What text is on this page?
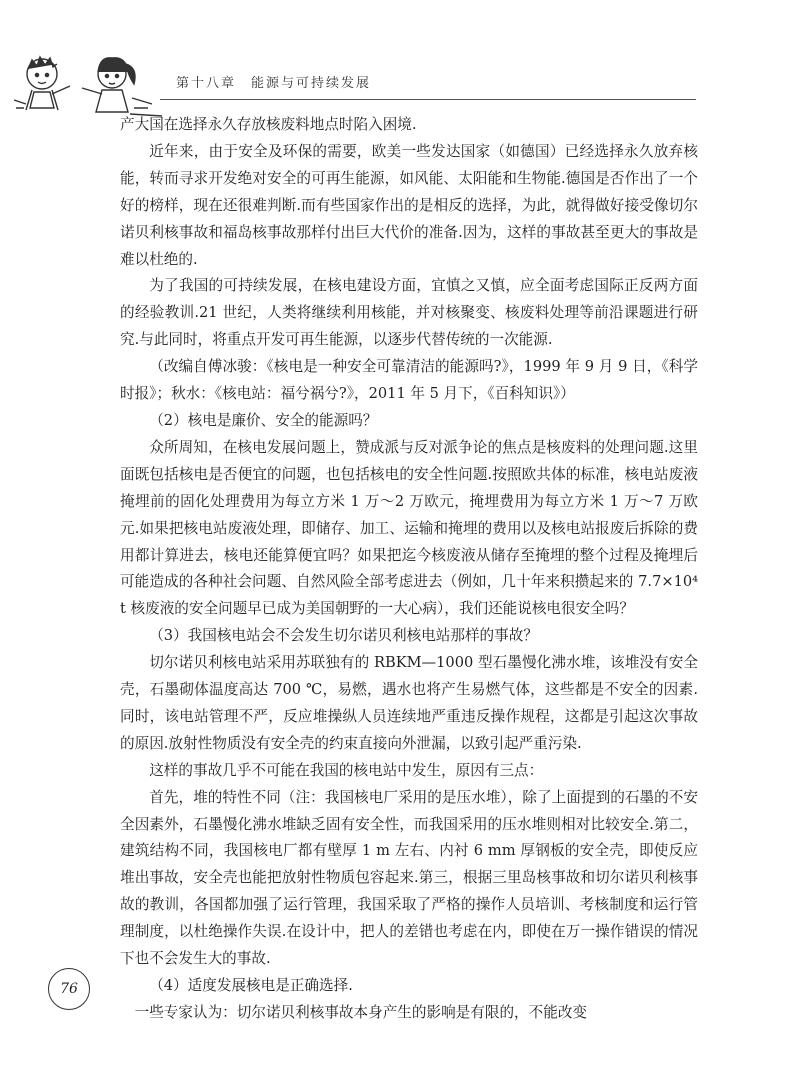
第十八章　能源与可持续发展

产大国在选择永久存放核废料地点时陷入困境.

近年来，由于安全及环保的需要，欧美一些发达国家（如德国）已经选择永久放弃核能，转而寻求开发绝对安全的可再生能源，如风能、太阳能和生物能.德国是否作出了一个好的榜样，现在还很难判断.而有些国家作出的是相反的选择，为此，就得做好接受像切尔诺贝利核事故和福岛核事故那样付出巨大代价的准备.因为，这样的事故甚至更大的事故是难以杜绝的.

为了我国的可持续发展，在核电建设方面，宜慎之又慎，应全面考虑国际正反两方面的经验教训.21 世纪，人类将继续利用核能，并对核聚变、核废料处理等前沿课题进行研究.与此同时，将重点开发可再生能源，以逐步代替传统的一次能源.

（改编自傅冰骏：《核电是一种安全可靠清洁的能源吗?》，1999 年 9 月 9 日，《科学时报》；秋水：《核电站：福兮祸兮?》，2011 年 5 月下，《百科知识》）

（2）核电是廉价、安全的能源吗？

众所周知，在核电发展问题上，赞成派与反对派争论的焦点是核废料的处理问题.这里面既包括核电是否便宜的问题，也包括核电的安全性问题.按照欧共体的标准，核电站废液掩埋前的固化处理费用为每立方米 1 万～2 万欧元，掩埋费用为每立方米 1 万～7 万欧元.如果把核电站废液处理，即储存、加工、运输和掩埋的费用以及核电站报废后拆除的费用都计算进去，核电还能算便宜吗？如果把迄今核废液从储存至掩埋的整个过程及掩埋后可能造成的各种社会问题、自然风险全部考虑进去（例如，几十年来积攒起来的 7.7×10⁴ t 核废液的安全问题早已成为美国朝野的一大心病），我们还能说核电很安全吗？

（3）我国核电站会不会发生切尔诺贝利核电站那样的事故？

切尔诺贝利核电站采用苏联独有的 RBKM—1000 型石墨慢化沸水堆，该堆没有安全壳，石墨砌体温度高达 700 ℃，易燃，遇水也将产生易燃气体，这些都是不安全的因素.同时，该电站管理不严，反应堆操纵人员连续地严重违反操作规程，这都是引起这次事故的原因.放射性物质没有安全壳的约束直接向外泄漏，以致引起严重污染.

这样的事故几乎不可能在我国的核电站中发生，原因有三点：

首先，堆的特性不同（注：我国核电厂采用的是压水堆），除了上面提到的石墨的不安全因素外，石墨慢化沸水堆缺乏固有安全性，而我国采用的压水堆则相对比较安全.第二，建筑结构不同，我国核电厂都有壁厚 1 m 左右、内衬 6 mm 厚钢板的安全壳，即使反应堆出事故，安全壳也能把放射性物质包容起来.第三，根据三里岛核事故和切尔诺贝利核事故的教训，各国都加强了运行管理，我国采取了严格的操作人员培训、考核制度和运行管理制度，以杜绝操作失误.在设计中，把人的差错也考虑在内，即使在万一操作错误的情况下也不会发生大的事故.

（4）适度发展核电是正确选择.

一些专家认为：切尔诺贝利核事故本身产生的影响是有限的，不能改变

76
